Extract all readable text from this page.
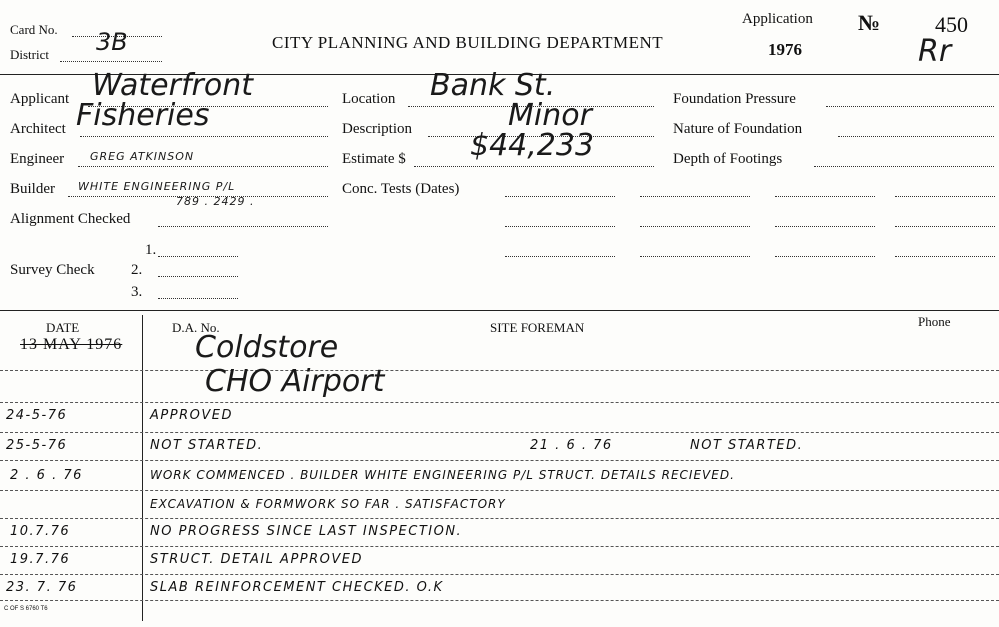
Card No.
District 3B	CITY PLANNING AND BUILDING DEPARTMENT
Application
1976
№ 450
Rr
Applicant Waterfront
Architect Fisheries
Engineer GREG ATKINSON
Builder WHITE ENGINEERING P/L
789 . 2429 .
Alignment Checked
1.
Survey Check 2.
3.
Location Bank St.
Description	Minor
Estimate $ $44,233
Conc. Tests (Dates)
Foundation Pressure
Nature of Foundation
Depth of Footings
DATE	D.A. No.	SITE FOREMAN	Phone
13 MAY 1976 Coldstore
CHO Airport
24-5-76	APPROVED
25-5-76	NOT STARTED.	21 . 6 . 76	NOT STARTED.
2 . 6 . 76	WORK COMMENCED . BUILDER WHITE ENGINEERING P/L STRUCT. DETAILS RECIEVED.
EXCAVATION & FORMWORK SO FAR . SATISFACTORY
10.7.76	NO PROGRESS SINCE LAST INSPECTION.
19.7.76	STRUCT. DETAIL APPROVED
23. 7. 76	SLAB REINFORCEMENT CHECKED. O.K
C OF S 6760 T6
